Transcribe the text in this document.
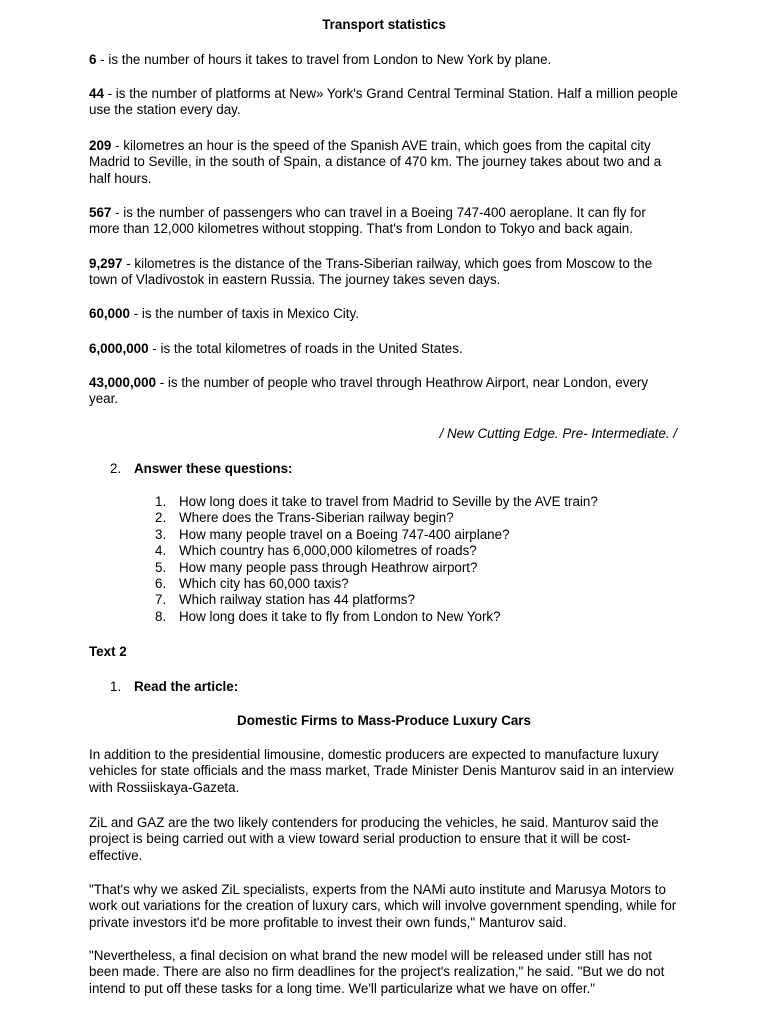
Transport statistics

6 - is the number of hours it takes to travel from London to New York by plane.

44 - is the number of platforms at New» York's Grand Central Terminal Station. Half a million people use the station every day.

209 - kilometres an hour is the speed of the Spanish AVE train, which goes from the capital city Madrid to Seville, in the south of Spain, a distance of 470 km. The journey takes about two and a half hours.

567 - is the number of passengers who can travel in a Boeing 747-400 aeroplane. It can fly for more than 12,000 kilometres without stopping. That's from London to Tokyo and back again.

9,297 - kilometres is the distance of the Trans-Siberian railway, which goes from Moscow to the town of Vladivostok in eastern Russia. The journey takes seven days.

60,000 - is the number of taxis in Mexico City.

6,000,000 - is the total kilometres of roads in the United States.

43,000,000 - is the number of people who travel through Heathrow Airport, near London, every year.

/ New Cutting Edge. Pre- Intermediate. /

2. Answer these questions:

1. How long does it take to travel from Madrid to Seville by the AVE train?
2. Where does the Trans-Siberian railway begin?
3. How many people travel on a Boeing 747-400 airplane?
4. Which country has 6,000,000 kilometres of roads?
5. How many people pass through Heathrow airport?
6. Which city has 60,000 taxis?
7. Which railway station has 44 platforms?
8. How long does it take to fly from London to New York?

Text 2

1. Read the article:

Domestic Firms to Mass-Produce Luxury Cars

In addition to the presidential limousine, domestic producers are expected to manufacture luxury vehicles for state officials and the mass market, Trade Minister Denis Manturov said in an interview with Rossiiskaya-Gazeta.

ZiL and GAZ are the two likely contenders for producing the vehicles, he said. Manturov said the project is being carried out with a view toward serial production to ensure that it will be cost-effective.

"That's why we asked ZiL specialists, experts from the NAMi auto institute and Marusya Motors to work out variations for the creation of luxury cars, which will involve government spending, while for private investors it'd be more profitable to invest their own funds," Manturov said.

"Nevertheless, a final decision on what brand the new model will be released under still has not been made. There are also no firm deadlines for the project's realization," he said. "But we do not intend to put off these tasks for a long time. We'll particularize what we have on offer."
